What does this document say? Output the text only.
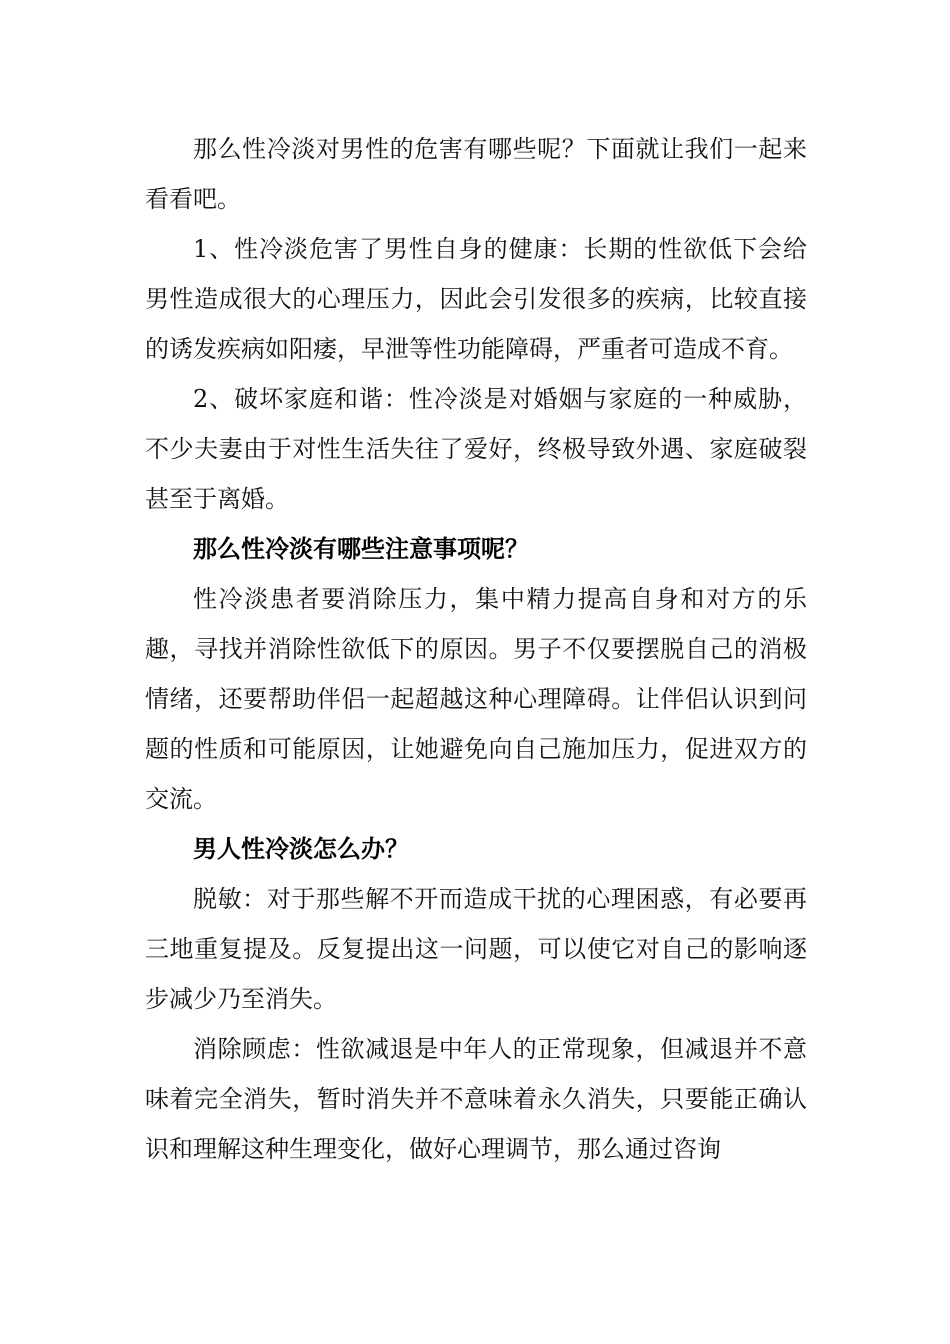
那么性冷淡对男性的危害有哪些呢？下面就让我们一起来看看吧。

1、性冷淡危害了男性自身的健康：长期的性欲低下会给男性造成很大的心理压力，因此会引发很多的疾病，比较直接的诱发疾病如阳痿，早泄等性功能障碍，严重者可造成不育。

2、破坏家庭和谐：性冷淡是对婚姻与家庭的一种威胁，不少夫妻由于对性生活失往了爱好，终极导致外遇、家庭破裂甚至于离婚。

那么性冷淡有哪些注意事项呢？

性冷淡患者要消除压力，集中精力提高自身和对方的乐趣，寻找并消除性欲低下的原因。男子不仅要摆脱自己的消极情绪，还要帮助伴侣一起超越这种心理障碍。让伴侣认识到问题的性质和可能原因，让她避免向自己施加压力，促进双方的交流。

男人性冷淡怎么办？

脱敏：对于那些解不开而造成干扰的心理困惑，有必要再三地重复提及。反复提出这一问题，可以使它对自己的影响逐步减少乃至消失。

消除顾虑：性欲减退是中年人的正常现象，但减退并不意味着完全消失，暂时消失并不意味着永久消失，只要能正确认识和理解这种生理变化，做好心理调节，那么通过咨询
